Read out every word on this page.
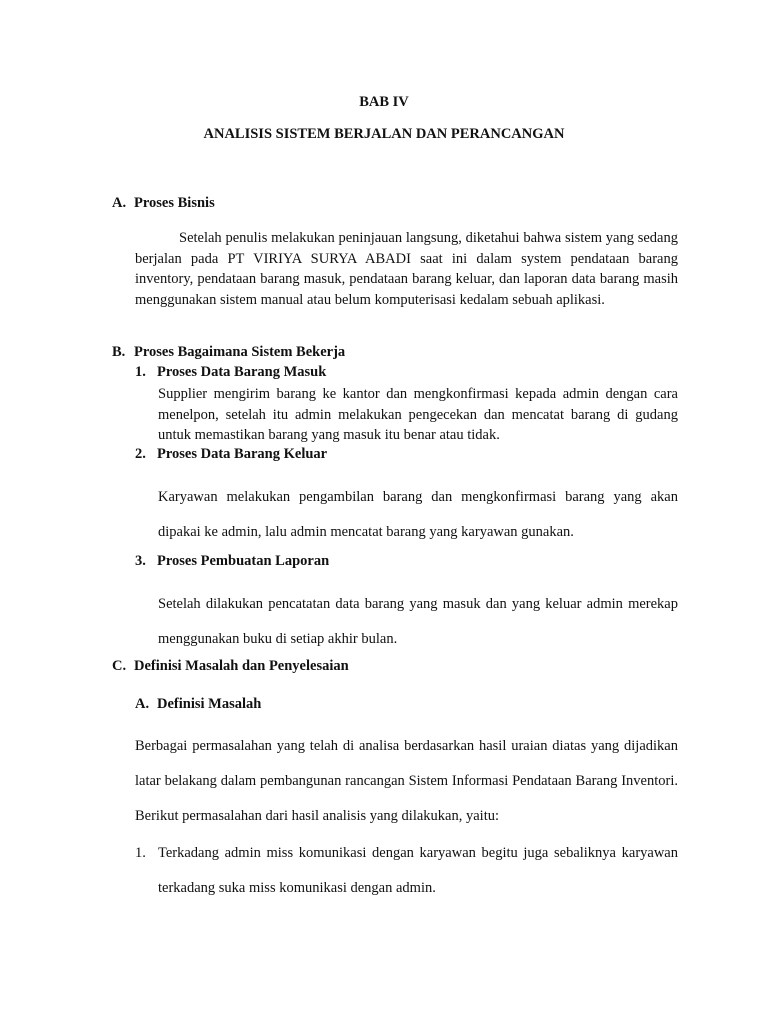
BAB IV
ANALISIS SISTEM BERJALAN DAN PERANCANGAN
A. Proses Bisnis
Setelah penulis melakukan peninjauan langsung, diketahui bahwa sistem yang sedang berjalan pada PT VIRIYA SURYA ABADI saat ini dalam system pendataan barang inventory, pendataan barang masuk, pendataan barang keluar, dan laporan data barang masih menggunakan sistem manual atau belum komputerisasi kedalam sebuah aplikasi.
B. Proses Bagaimana Sistem Bekerja
1. Proses Data Barang Masuk
Supplier mengirim barang ke kantor dan mengkonfirmasi kepada admin dengan cara menelpon, setelah itu admin melakukan pengecekan dan mencatat barang di gudang untuk memastikan barang yang masuk itu benar atau tidak.
2. Proses Data Barang Keluar
Karyawan melakukan pengambilan barang dan mengkonfirmasi barang yang akan dipakai ke admin, lalu admin mencatat barang yang karyawan gunakan.
3. Proses Pembuatan Laporan
Setelah dilakukan pencatatan data barang yang masuk dan yang keluar admin merekap menggunakan buku di setiap akhir bulan.
C. Definisi Masalah dan Penyelesaian
A. Definisi Masalah
Berbagai permasalahan yang telah di analisa berdasarkan hasil uraian diatas yang dijadikan latar belakang dalam pembangunan rancangan Sistem Informasi Pendataan Barang Inventori. Berikut permasalahan dari hasil analisis yang dilakukan, yaitu:
1. Terkadang admin miss komunikasi dengan karyawan begitu juga sebaliknya karyawan terkadang suka miss komunikasi dengan admin.
